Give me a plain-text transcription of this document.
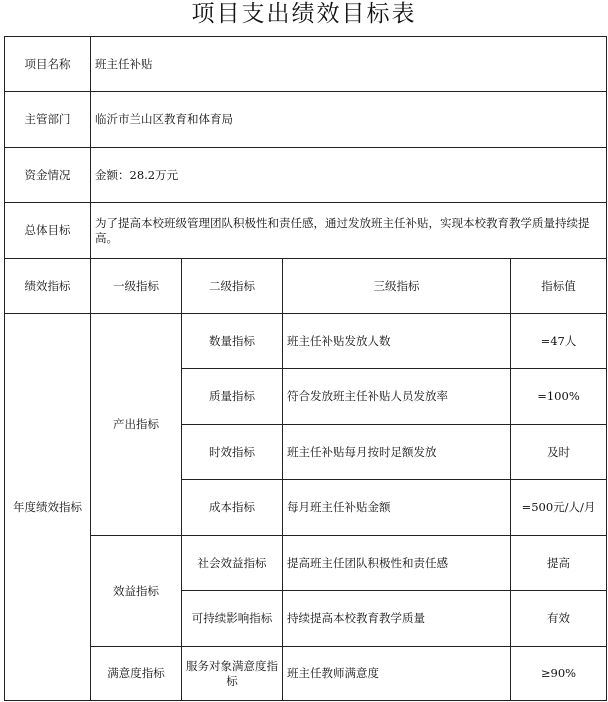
项目支出绩效目标表
项目名称	班主任补贴			
主管部门	临沂市兰山区教育和体育局			
资金情况	金额：28.2万元			
总体目标	为了提高本校班级管理团队积极性和责任感，通过发放班主任补贴，实现本校教育教学质量持续提高。			
绩效指标	一级指标	二级指标	三级指标	指标值
年度绩效指标	产出指标	数量指标	班主任补贴发放人数	=47人
		质量指标	符合发放班主任补贴人员发放率	=100%
		时效指标	班主任补贴每月按时足额发放	及时
		成本指标	每月班主任补贴金额	=500元/人/月
	效益指标	社会效益指标	提高班主任团队积极性和责任感	提高
		可持续影响指标	持续提高本校教育教学质量	有效
	满意度指标	服务对象满意度指标	班主任教师满意度	≥90%
